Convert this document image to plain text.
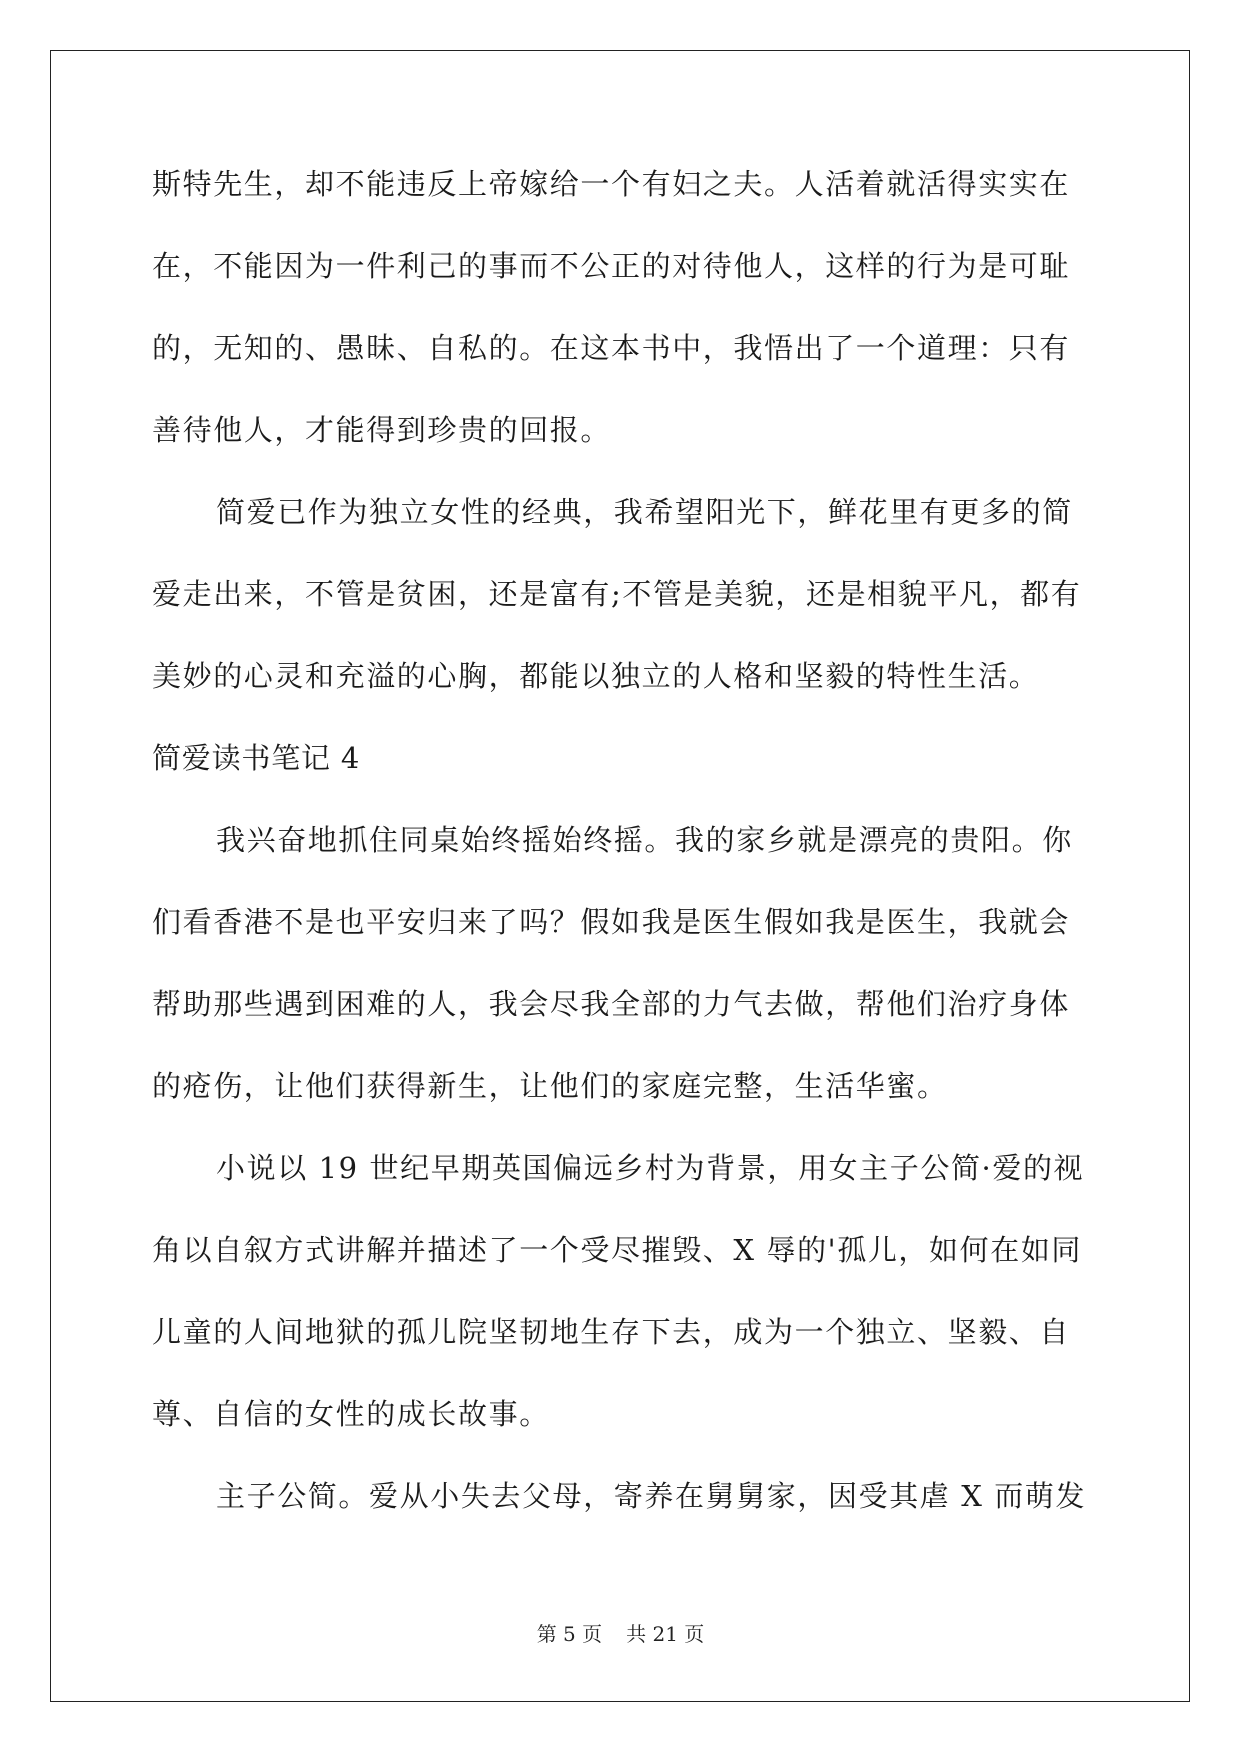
斯特先生，却不能违反上帝嫁给一个有妇之夫。人活着就活得实实在
在，不能因为一件利己的事而不公正的对待他人，这样的行为是可耻
的，无知的、愚昧、自私的。在这本书中，我悟出了一个道理：只有
善待他人，才能得到珍贵的回报。
简爱已作为独立女性的经典，我希望阳光下，鲜花里有更多的简
爱走出来，不管是贫困，还是富有;不管是美貌，还是相貌平凡，都有
美妙的心灵和充溢的心胸，都能以独立的人格和坚毅的特性生活。
简爱读书笔记 4
我兴奋地抓住同桌始终摇始终摇。我的家乡就是漂亮的贵阳。你
们看香港不是也平安归来了吗？假如我是医生假如我是医生，我就会
帮助那些遇到困难的人，我会尽我全部的力气去做，帮他们治疗身体
的疮伤，让他们获得新生，让他们的家庭完整，生活华蜜。
小说以 19 世纪早期英国偏远乡村为背景，用女主子公简·爱的视
角以自叙方式讲解并描述了一个受尽摧毁、X 辱的'孤儿，如何在如同
儿童的人间地狱的孤儿院坚韧地生存下去，成为一个独立、坚毅、自
尊、自信的女性的成长故事。
主子公简。爱从小失去父母，寄养在舅舅家，因受其虐 X 而萌发
第 5 页 共 21 页
